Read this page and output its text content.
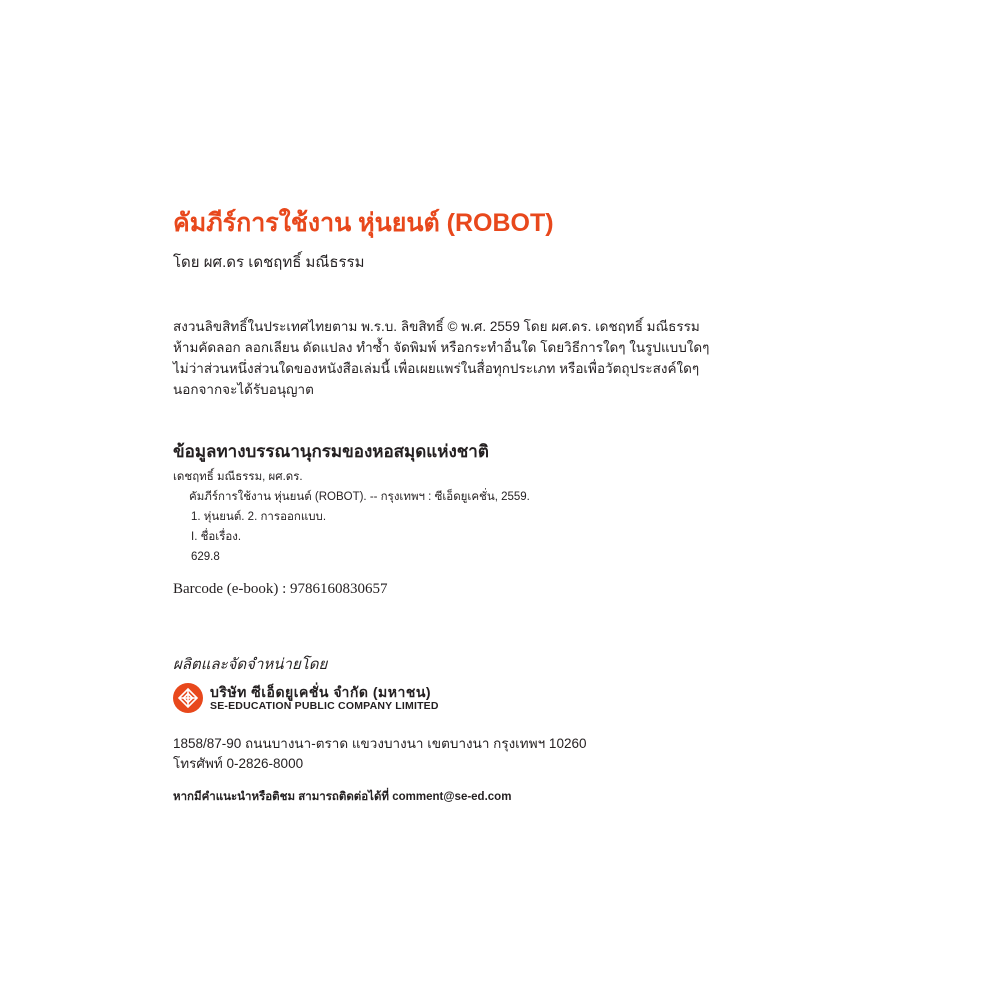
คัมภีร์การใช้งาน หุ่นยนต์ (ROBOT)
โดย ผศ.ดร เดชฤทธิ์ มณีธรรม
สงวนลิขสิทธิ์ในประเทศไทยตาม พ.ร.บ. ลิขสิทธิ์ © พ.ศ. 2559 โดย ผศ.ดร. เดชฤทธิ์ มณีธรรม
ห้ามคัดลอก ลอกเลียน ดัดแปลง ทำซ้ำ จัดพิมพ์ หรือกระทำอื่นใด โดยวิธีการใดๆ ในรูปแบบใดๆ
ไม่ว่าส่วนหนึ่งส่วนใดของหนังสือเล่มนี้ เพื่อเผยแพร่ในสื่อทุกประเภท หรือเพื่อวัตถุประสงค์ใดๆ
นอกจากจะได้รับอนุญาต
ข้อมูลทางบรรณานุกรมของหอสมุดแห่งชาติ
เดชฤทธิ์ มณีธรรม, ผศ.ดร.
คัมภีร์การใช้งาน หุ่นยนต์ (ROBOT). -- กรุงเทพฯ : ซีเอ็ดยูเคชั่น, 2559.
1. หุ่นยนต์. 2. การออกแบบ.
I. ชื่อเรื่อง.
629.8
Barcode (e-book) : 9786160830657
ผลิตและจัดจำหน่ายโดย
บริษัท ซีเอ็ดยูเคชั่น จำกัด (มหาชน)
SE-EDUCATION PUBLIC COMPANY LIMITED
1858/87-90 ถนนบางนา-ตราด แขวงบางนา เขตบางนา กรุงเทพฯ 10260
โทรศัพท์ 0-2826-8000
หากมีคำแนะนำหรือติชม สามารถติดต่อได้ที่ comment@se-ed.com
